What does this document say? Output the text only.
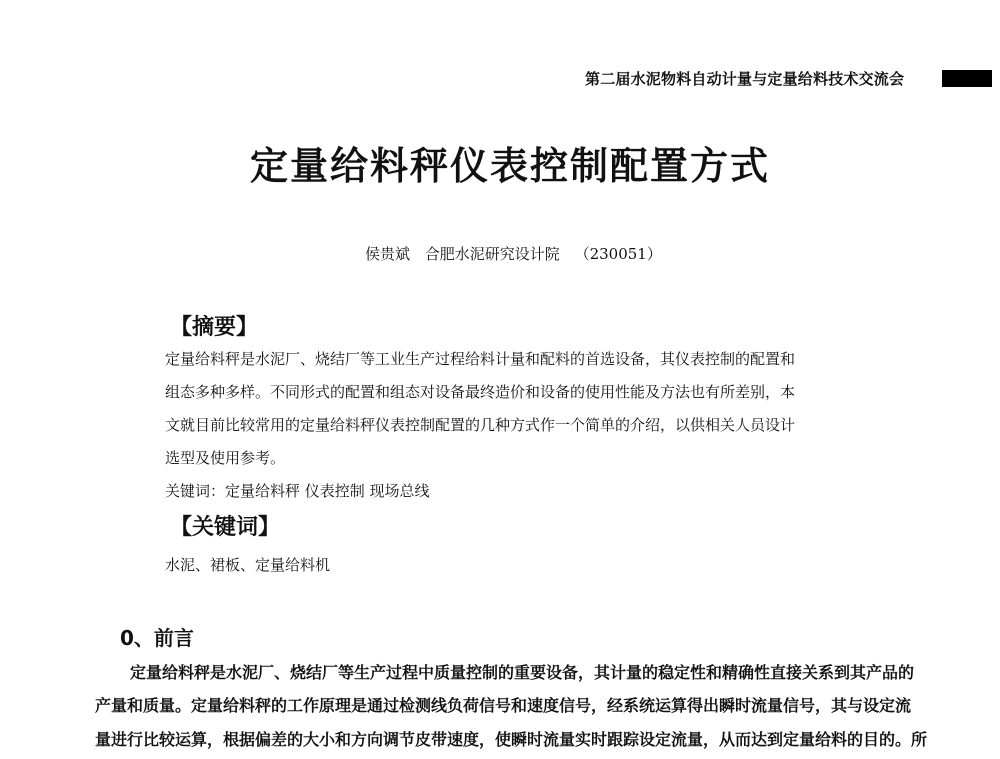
第二届水泥物料自动计量与定量给料技术交流会
定量给料秤仪表控制配置方式
侯贵斌 合肥水泥研究设计院 （230051）
【摘要】
定量给料秤是水泥厂、烧结厂等工业生产过程给料计量和配料的首选设备，其仪表控制的配置和
组态多种多样。不同形式的配置和组态对设备最终造价和设备的使用性能及方法也有所差别，本
文就目前比较常用的定量给料秤仪表控制配置的几种方式作一个简单的介绍，以供相关人员设计
选型及使用参考。
关键词：定量给料秤 仪表控制 现场总线
【关键词】
水泥、裙板、定量给料机
0、前言
定量给料秤是水泥厂、烧结厂等生产过程中质量控制的重要设备，其计量的稳定性和精确性直接关系到其产品的
产量和质量。定量给料秤的工作原理是通过检测线负荷信号和速度信号，经系统运算得出瞬时流量信号，其与设定流
量进行比较运算，根据偏差的大小和方向调节皮带速度，使瞬时流量实时跟踪设定流量，从而达到定量给料的目的。所
